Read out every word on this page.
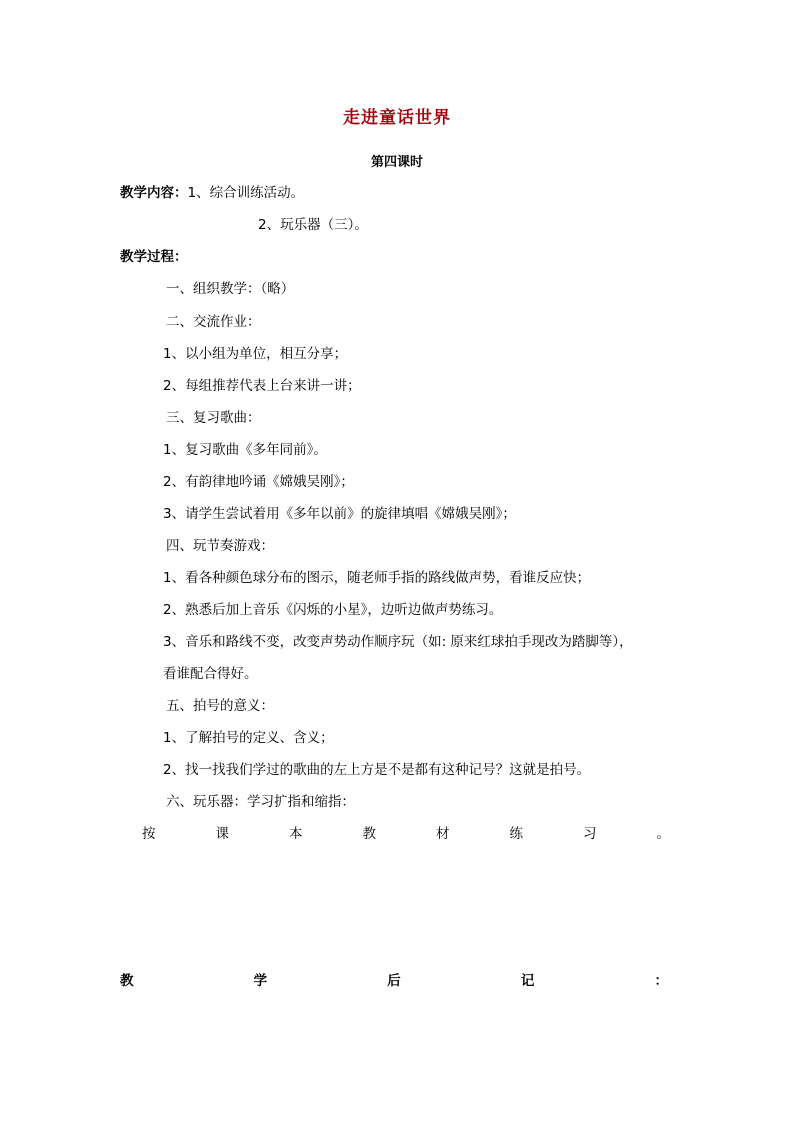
走进童话世界
第四课时
教学内容：1、综合训练活动。
2、玩乐器（三）。
教学过程：
一、组织教学：（略）
二、交流作业：
1、以小组为单位，相互分享；
2、每组推荐代表上台来讲一讲；
三、复习歌曲：
1、复习歌曲《多年同前》。
2、有韵律地吟诵《嫦娥吴刚》；
3、请学生尝试着用《多年以前》的旋律填唱《嫦娥吴刚》；
四、玩节奏游戏：
1、看各种颜色球分布的图示，随老师手指的路线做声势，看谁反应快；
2、熟悉后加上音乐《闪烁的小星》，边听边做声势练习。
3、音乐和路线不变，改变声势动作顺序玩（如: 原来红球拍手现改为踏脚等），
看谁配合得好。
五、拍号的意义：
1、了解拍号的定义、含义；
2、找一找我们学过的歌曲的左上方是不是都有这种记号？这就是拍号。
六、玩乐器：学习扩指和缩指：
按	课	本	教	材	练	习	。
教	学	后	记	：
